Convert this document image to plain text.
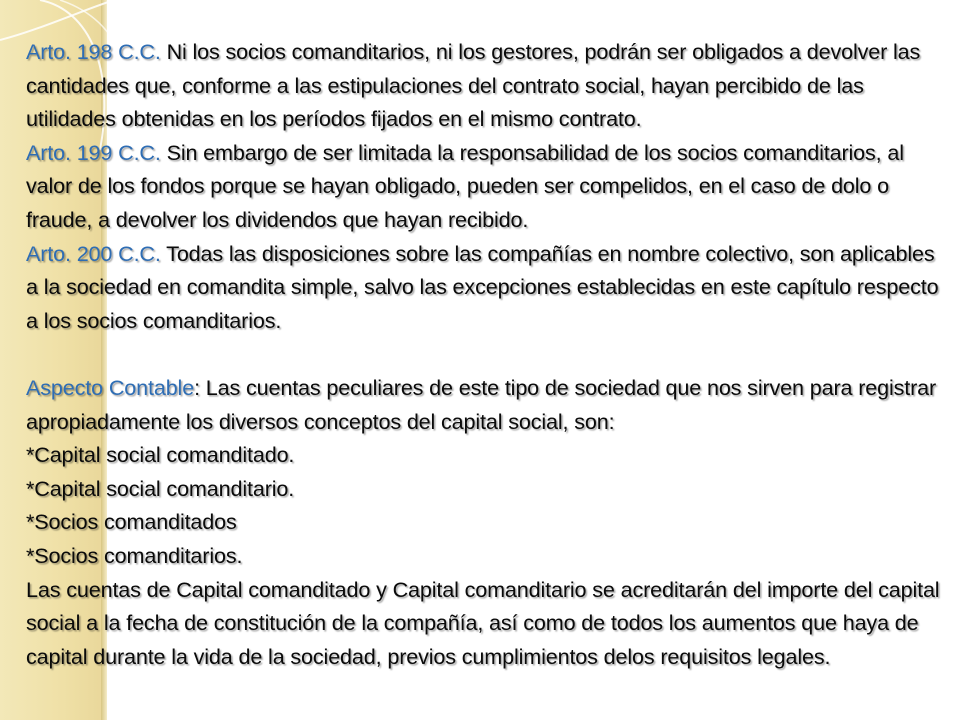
Arto. 198 C.C. Ni los socios comanditarios, ni los gestores, podrán ser obligados a devolver las cantidades que, conforme a las estipulaciones del contrato social, hayan percibido de las utilidades obtenidas en los períodos fijados en el mismo contrato.

Arto. 199 C.C. Sin embargo de ser limitada la responsabilidad de los socios comanditarios, al valor de los fondos porque se hayan obligado, pueden ser compelidos, en el caso de dolo o fraude, a devolver los dividendos que hayan recibido.

Arto. 200 C.C. Todas las disposiciones sobre las compañías en nombre colectivo, son aplicables a la sociedad en comandita simple, salvo las excepciones establecidas en este capítulo respecto a los socios comanditarios.

Aspecto Contable: Las cuentas peculiares de este tipo de sociedad que nos sirven para registrar apropiadamente los diversos conceptos del capital social, son:

*Capital social comanditado.

*Capital social comanditario.

*Socios comanditados

*Socios comanditarios.

Las cuentas de Capital comanditado y Capital comanditario se acreditarán del importe del capital social a la fecha de constitución de la compañía, así como de todos los aumentos que haya de capital durante la vida de la sociedad, previos cumplimientos delos requisitos legales.
